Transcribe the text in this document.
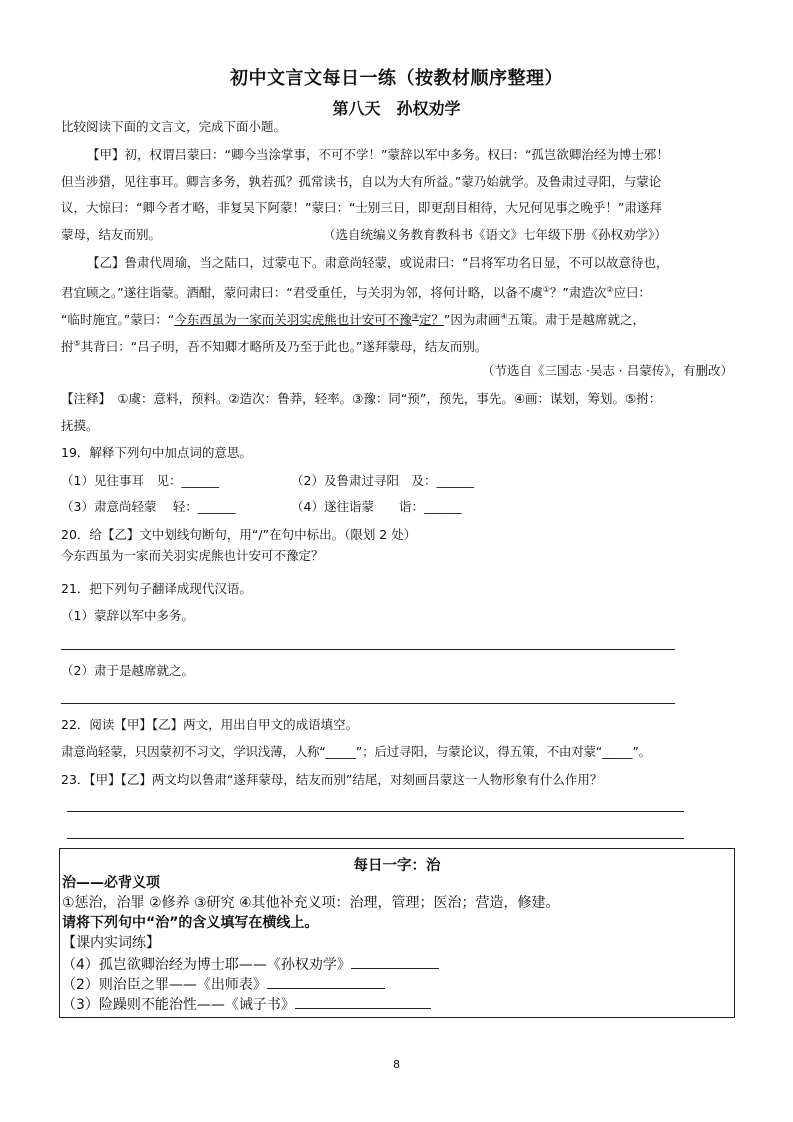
初中文言文每日一练（按教材顺序整理）
第八天　孙权劝学
比较阅读下面的文言文，完成下面小题。
【甲】初，权谓吕蒙曰：“卿今当涂掌事，不可不学！”蒙辞以军中多务。权曰：“孤岂欲卿治经为博士邪！
但当涉猎，见往事耳。卿言多务，孰若孤？孤常读书，自以为大有所益。”蒙乃始就学。及鲁肃过寻阳，与蒙论
议，大惊曰：“卿今者才略，非复吴下阿蒙！”蒙曰：“士别三日，即更刮目相待，大兄何见事之晚乎！”肃遂拜
蒙母，结友而别。	（选自统编义务教育教科书《语文》七年级下册《孙权劝学》）
【乙】鲁肃代周瑜，当之陆口，过蒙屯下。肃意尚轻蒙，或说肃曰：“吕将军功名日显，不可以故意待也，
君宜顾之。”遂往诣蒙。酒酣，蒙问肃曰：“君受重任，与关羽为邻，将何计略，以备不虞①？”肃造次②应曰：
“临时施宜。”蒙曰：“今东西虽为一家而关羽实虎熊也计安可不豫③定？”因为肃画④五策。肃于是越席就之，
拊⑤其背曰：“吕子明，吾不知卿才略所及乃至于此也。”遂拜蒙母，结友而别。
（节选自《三国志 ·吴志 · 吕蒙传》，有删改）
【注释】　①虞：意料，预料。②造次：鲁莽，轻率。③豫：同“预”，预先，事先。④画：谋划，筹划。⑤拊：
抚摸。
19．解释下列句中加点词的意思。
（1）见往事耳　见：______	（2）及鲁肃过寻阳　及：______
（3）肃意尚轻蒙　 轻：______	（4）遂往诣蒙　　诣：______
20．给【乙】文中划线句断句，用“/”在句中标出。（限划 2 处）
今东西虽为一家而关羽实虎熊也计安可不豫定？
21．把下列句子翻译成现代汉语。
（1）蒙辞以军中多务。
（2）肃于是越席就之。
22．阅读【甲】【乙】两文，用出自甲文的成语填空。
肃意尚轻蒙，只因蒙初不习文，学识浅薄，人称“_____”；后过寻阳，与蒙论议，得五策，不由对蒙“_____”。
23．【甲】【乙】两文均以鲁肃“遂拜蒙母，结友而别”结尾，对刻画吕蒙这一人物形象有什么作用？
每日一字：治
治——必背义项
①惩治，治罪 ②修养 ③研究 ④其他补充义项：治理，管理；医治；营造，修建。
请将下列句中“治”的含义填写在横线上。
【课内实词练】
（4）孤岂欲卿治经为博士耶——《孙权劝学》
（2）则治臣之罪——《出师表》
（3）险躁则不能治性——《诫子书》
8
